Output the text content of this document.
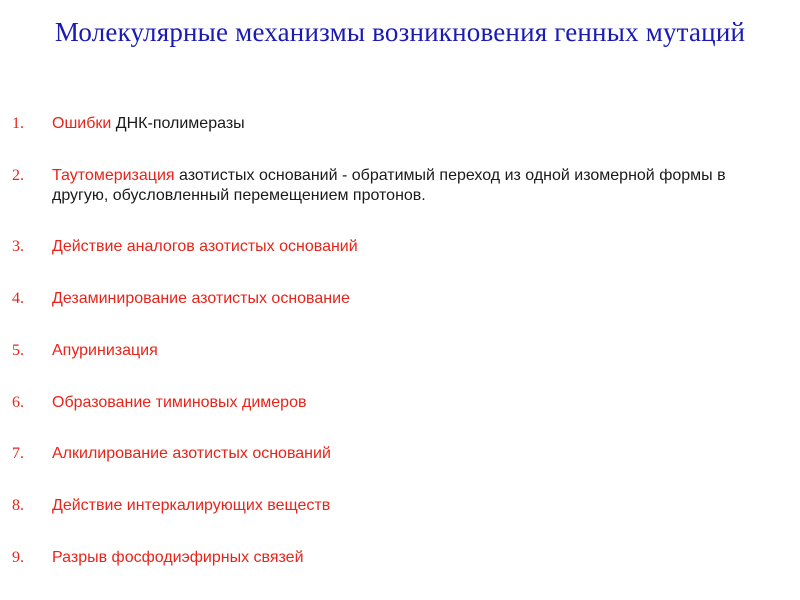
Молекулярные механизмы возникновения генных мутаций
1. Ошибки ДНК-полимеразы
2. Таутомеризация азотистых оснований - обратимый переход из одной изомерной формы в другую, обусловленный перемещением протонов.
3. Действие аналогов азотистых оснований
4. Дезаминирование азотистых основание
5. Апуринизация
6. Образование тиминовых димеров
7. Алкилирование азотистых оснований
8. Действие интеркалирующих веществ
9. Разрыв фосфодиэфирных связей
